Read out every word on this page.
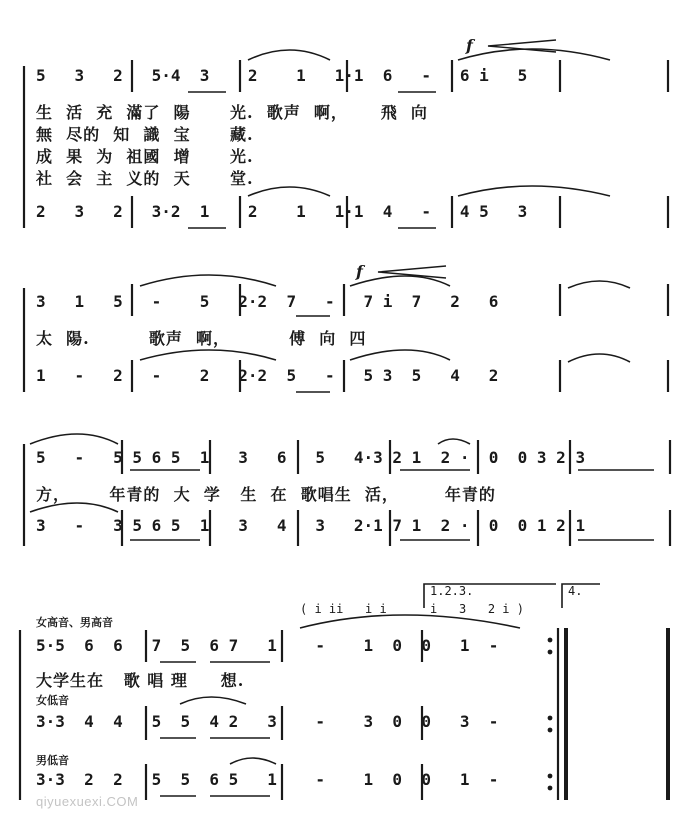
f
5   3   2   5·4  3    2    1   1·1  6   -   6 i   5
生  活  充  滿了  陽      光.  歌声  啊，     飛  向
無  尽的  知  識  宝      藏.
成  果  为  祖國  增      光.
社  会  主  义的  天      堂.
2   3   2   3·2  1    2    1   1·1  4   -   4 5   3
f
3   1   5   -    5   2·2  7   -   7 i  7   2   6
太  陽.         歌声  啊，         傅  向  四
1   -   2   -    2   2·2  5   -   5 3  5   4   2
5   -   5 5 6 5  1   3   6   5   4·3 2 1  2 ·  0  0 3 2 3
方，      年青的  大  学   生  在  歌唱生  活，       年青的
3   -   3 5 6 5  1   3   4   3   2·1 7 1  2 ·  0  0 1 2 1
1.2.3.	4.
( i ii   i i      i   3   2 i )
女高音、男高音
5·5  6  6   7  5  6 7   1    -    1  0  0   1  -
大学生在   歌 唱 理     想.
女低音
3·3  4  4   5  5  4 2   3    -    3  0  0   3  -
男低音
3·3  2  2   5  5  6 5   1    -    1  0  0   1  -
qiyuexuexi.COM
